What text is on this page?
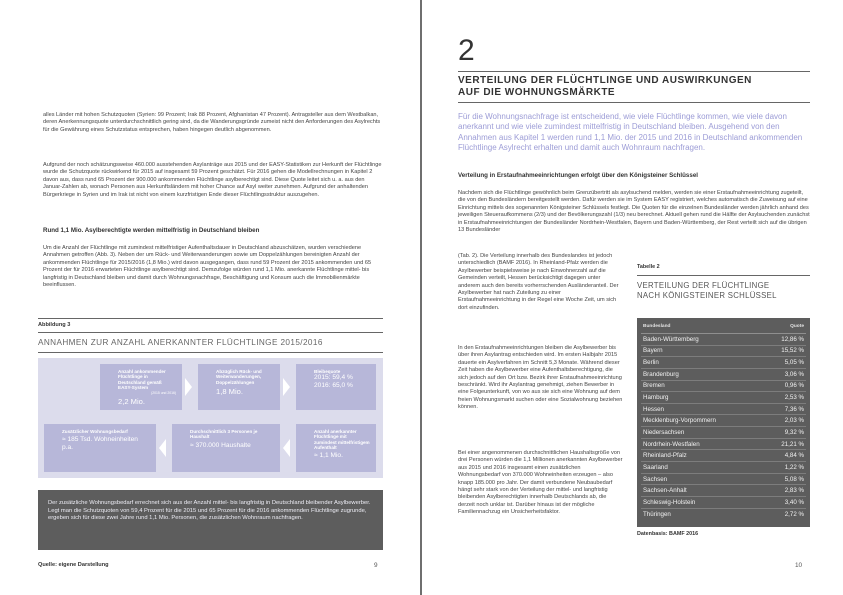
alles Länder mit hohen Schutzquoten (Syrien: 99 Prozent; Irak 88 Prozent, Afghanistan 47 Prozent). Antragsteller aus dem Westbalkan, deren Anerkennungsquote unterdurchschnittlich gering sind, da die Wanderungsgründe zumeist nicht den Anforderungen des Asylrechts für die Gewährung eines Schutzstatus entsprechen, haben hingegen deutlich abgenommen.

Aufgrund der noch schätzungsweise 460.000 ausstehenden Asylanträge aus 2015 und der EASY-Statistiken zur Herkunft der Flüchtlinge wurde die Schutzquote rückwirkend für 2015 auf insgesamt 59 Prozent geschätzt. Für 2016 gehen die Modellrechnungen in Kapitel 2 davon aus, dass rund 65 Prozent der 900.000 ankommenden Flüchtlinge asylberechtigt sind. Diese Quote leitet sich u. a. aus den Januar-Zahlen ab, wonach Personen aus Herkunftsländern mit hoher Chance auf Asyl weiter zunehmen. Aufgrund der anhaltenden Bürgerkriege in Syrien und im Irak ist nicht von einem kurzfristigen Ende dieser Flüchtlingsstruktur auszugehen.

Rund 1,1 Mio. Asylberechtigte werden mittelfristig in Deutschland bleiben

Um die Anzahl der Flüchtlinge mit zumindest mittelfristiger Aufenthaltsdauer in Deutschland abzuschätzen, wurden verschiedene Annahmen getroffen (Abb. 3). Neben der um Rück- und Weiterwanderungen sowie um Doppelzählungen bereinigten Anzahl der ankommenden Flüchtlinge für 2015/2016 (1,8 Mio.) wird davon ausgegangen, dass rund 59 Prozent der 2015 ankommenden und 65 Prozent der für 2016 erwarteten Flüchtlinge asylberechtigt sind. Demzufolge würden rund 1,1 Mio. anerkannte Flüchtlinge mittel- bis langfristig in Deutschland bleiben und damit durch Wohnungsnachfrage, Beschäftigung und Konsum auch die Immobilienmärkte beeinflussen.

Abbildung 3
ANNAHMEN ZUR ANZAHL ANERKANNTER FLÜCHTLINGE 2015/2016
Anzahl ankommender Flüchtlinge in Deutschland gemäß EASY-System
(2015 und 2016)
2,2 Mio.
Abzüglich Rück- und Weiterwanderungen, Doppelzählungen
1,8 Mio.
Bleibequote
2015: 59,4 %
2016: 65,0 %
Zusätzlicher Wohnungsbedarf
≈ 185 Tsd. Wohneinheiten p.a.
Durchschnittlich 3 Personen je Haushalt
≈ 370.000 Haushalte
Anzahl anerkannter Flüchtlinge mit zumindest mittelfristigem Aufenthalt
≈ 1,1 Mio.
Der zusätzliche Wohnungsbedarf errechnet sich aus der Anzahl mittel- bis langfristig in Deutschland bleibender Asylbewerber. Legt man die Schutzquoten von 59,4 Prozent für die 2015 und 65 Prozent für die 2016 ankommenden Flüchtlinge zugrunde, ergeben sich für diese zwei Jahre rund 1,1 Mio. Personen, die zusätzlichen Wohnraum nachfragen.
Quelle: eigene Darstellung	9
2
VERTEILUNG DER FLÜCHTLINGE UND AUSWIRKUNGEN
AUF DIE WOHNUNGSMÄRKTE

Für die Wohnungsnachfrage ist entscheidend, wie viele Flüchtlinge kommen, wie viele davon anerkannt und wie viele zumindest mittelfristig in Deutschland bleiben. Ausgehend von den Annahmen aus Kapitel 1 werden rund 1,1 Mio. der 2015 und 2016 in Deutschland ankommenden Flüchtlinge Asylrecht erhalten und damit auch Wohnraum nachfragen.

Verteilung in Erstaufnahmeeinrichtungen erfolgt über den Königsteiner Schlüssel

Nachdem sich die Flüchtlinge gewöhnlich beim Grenzübertritt als asylsuchend melden, werden sie einer Erstaufnahmeeinrichtung zugeteilt, die von den Bundesländern bereitgestellt werden. Dafür werden sie im System EASY registriert, welches automatisch die Zuweisung auf eine Einrichtung mittels des sogenannten Königsteiner Schlüssels festlegt. Die Quoten für die einzelnen Bundesländer werden jährlich anhand des jeweiligen Steueraufkommens (2/3) und der Bevölkerungszahl (1/3) neu berechnet. Aktuell gehen rund die Hälfte der Asylsuchenden zunächst in Erstaufnahmeeinrichtungen der Bundesländer Nordrhein-Westfalen, Bayern und Baden-Württemberg, der Rest verteilt sich auf die übrigen 13 Bundesländer

(Tab. 2). Die Verteilung innerhalb des Bundeslandes ist jedoch unterschiedlich (BAMF 2016). In Rheinland-Pfalz werden die Asylbewerber beispielsweise je nach Einwohnerzahl auf die Gemeinden verteilt, Hessen berücksichtigt dagegen unter anderem auch den bereits vorherrschenden Ausländeranteil. Der Asylbewerber hat nach Zuteilung zu einer Erstaufnahmeeinrichtung in der Regel eine Woche Zeit, um sich dort einzufinden.

In den Erstaufnahmeeinrichtungen bleiben die Asylbewerber bis über ihren Asylantrag entschieden wird. Im ersten Halbjahr 2015 dauerte ein Asylverfahren im Schnitt 5,3 Monate. Während dieser Zeit haben die Asylbewerber eine Aufenthaltsberechtigung, die sich jedoch auf den Ort bzw. Bezirk ihrer Erstaufnahmeeinrichtung beschränkt. Wird ihr Asylantrag genehmigt, ziehen Bewerber in eine Folgeunterkunft, von wo aus sie sich eine Wohnung auf dem freien Wohnungsmarkt suchen oder eine Sozialwohnung beziehen können.

Bei einer angenommenen durchschnittlichen Haushaltsgröße von drei Personen würden die 1,1 Millionen anerkannten Asylbewerber aus 2015 und 2016 insgesamt einen zusätzlichen Wohnungsbedarf von 370.000 Wohneinheiten erzeugen – also knapp 185.000 pro Jahr. Der damit verbundene Neubaubedarf hängt sehr stark von der Verteilung der mittel- und langfristig bleibenden Asylberechtigten innerhalb Deutschlands ab, die derzeit noch unklar ist. Darüber hinaus ist der mögliche Familiennachzug ein Unsicherheitsfaktor.

Tabelle 2
VERTEILUNG DER FLÜCHTLINGE
NACH KÖNIGSTEINER SCHLÜSSEL
Bundesland	Quote
Baden-Württemberg	12,86 %
Bayern	15,52 %
Berlin	5,05 %
Brandenburg	3,06 %
Bremen	0,96 %
Hamburg	2,53 %
Hessen	7,36 %
Mecklenburg-Vorpommern	2,03 %
Niedersachsen	9,32 %
Nordrhein-Westfalen	21,21 %
Rheinland-Pfalz	4,84 %
Saarland	1,22 %
Sachsen	5,08 %
Sachsen-Anhalt	2,83 %
Schleswig-Holstein	3,40 %
Thüringen	2,72 %
Datenbasis: BAMF 2016
10
